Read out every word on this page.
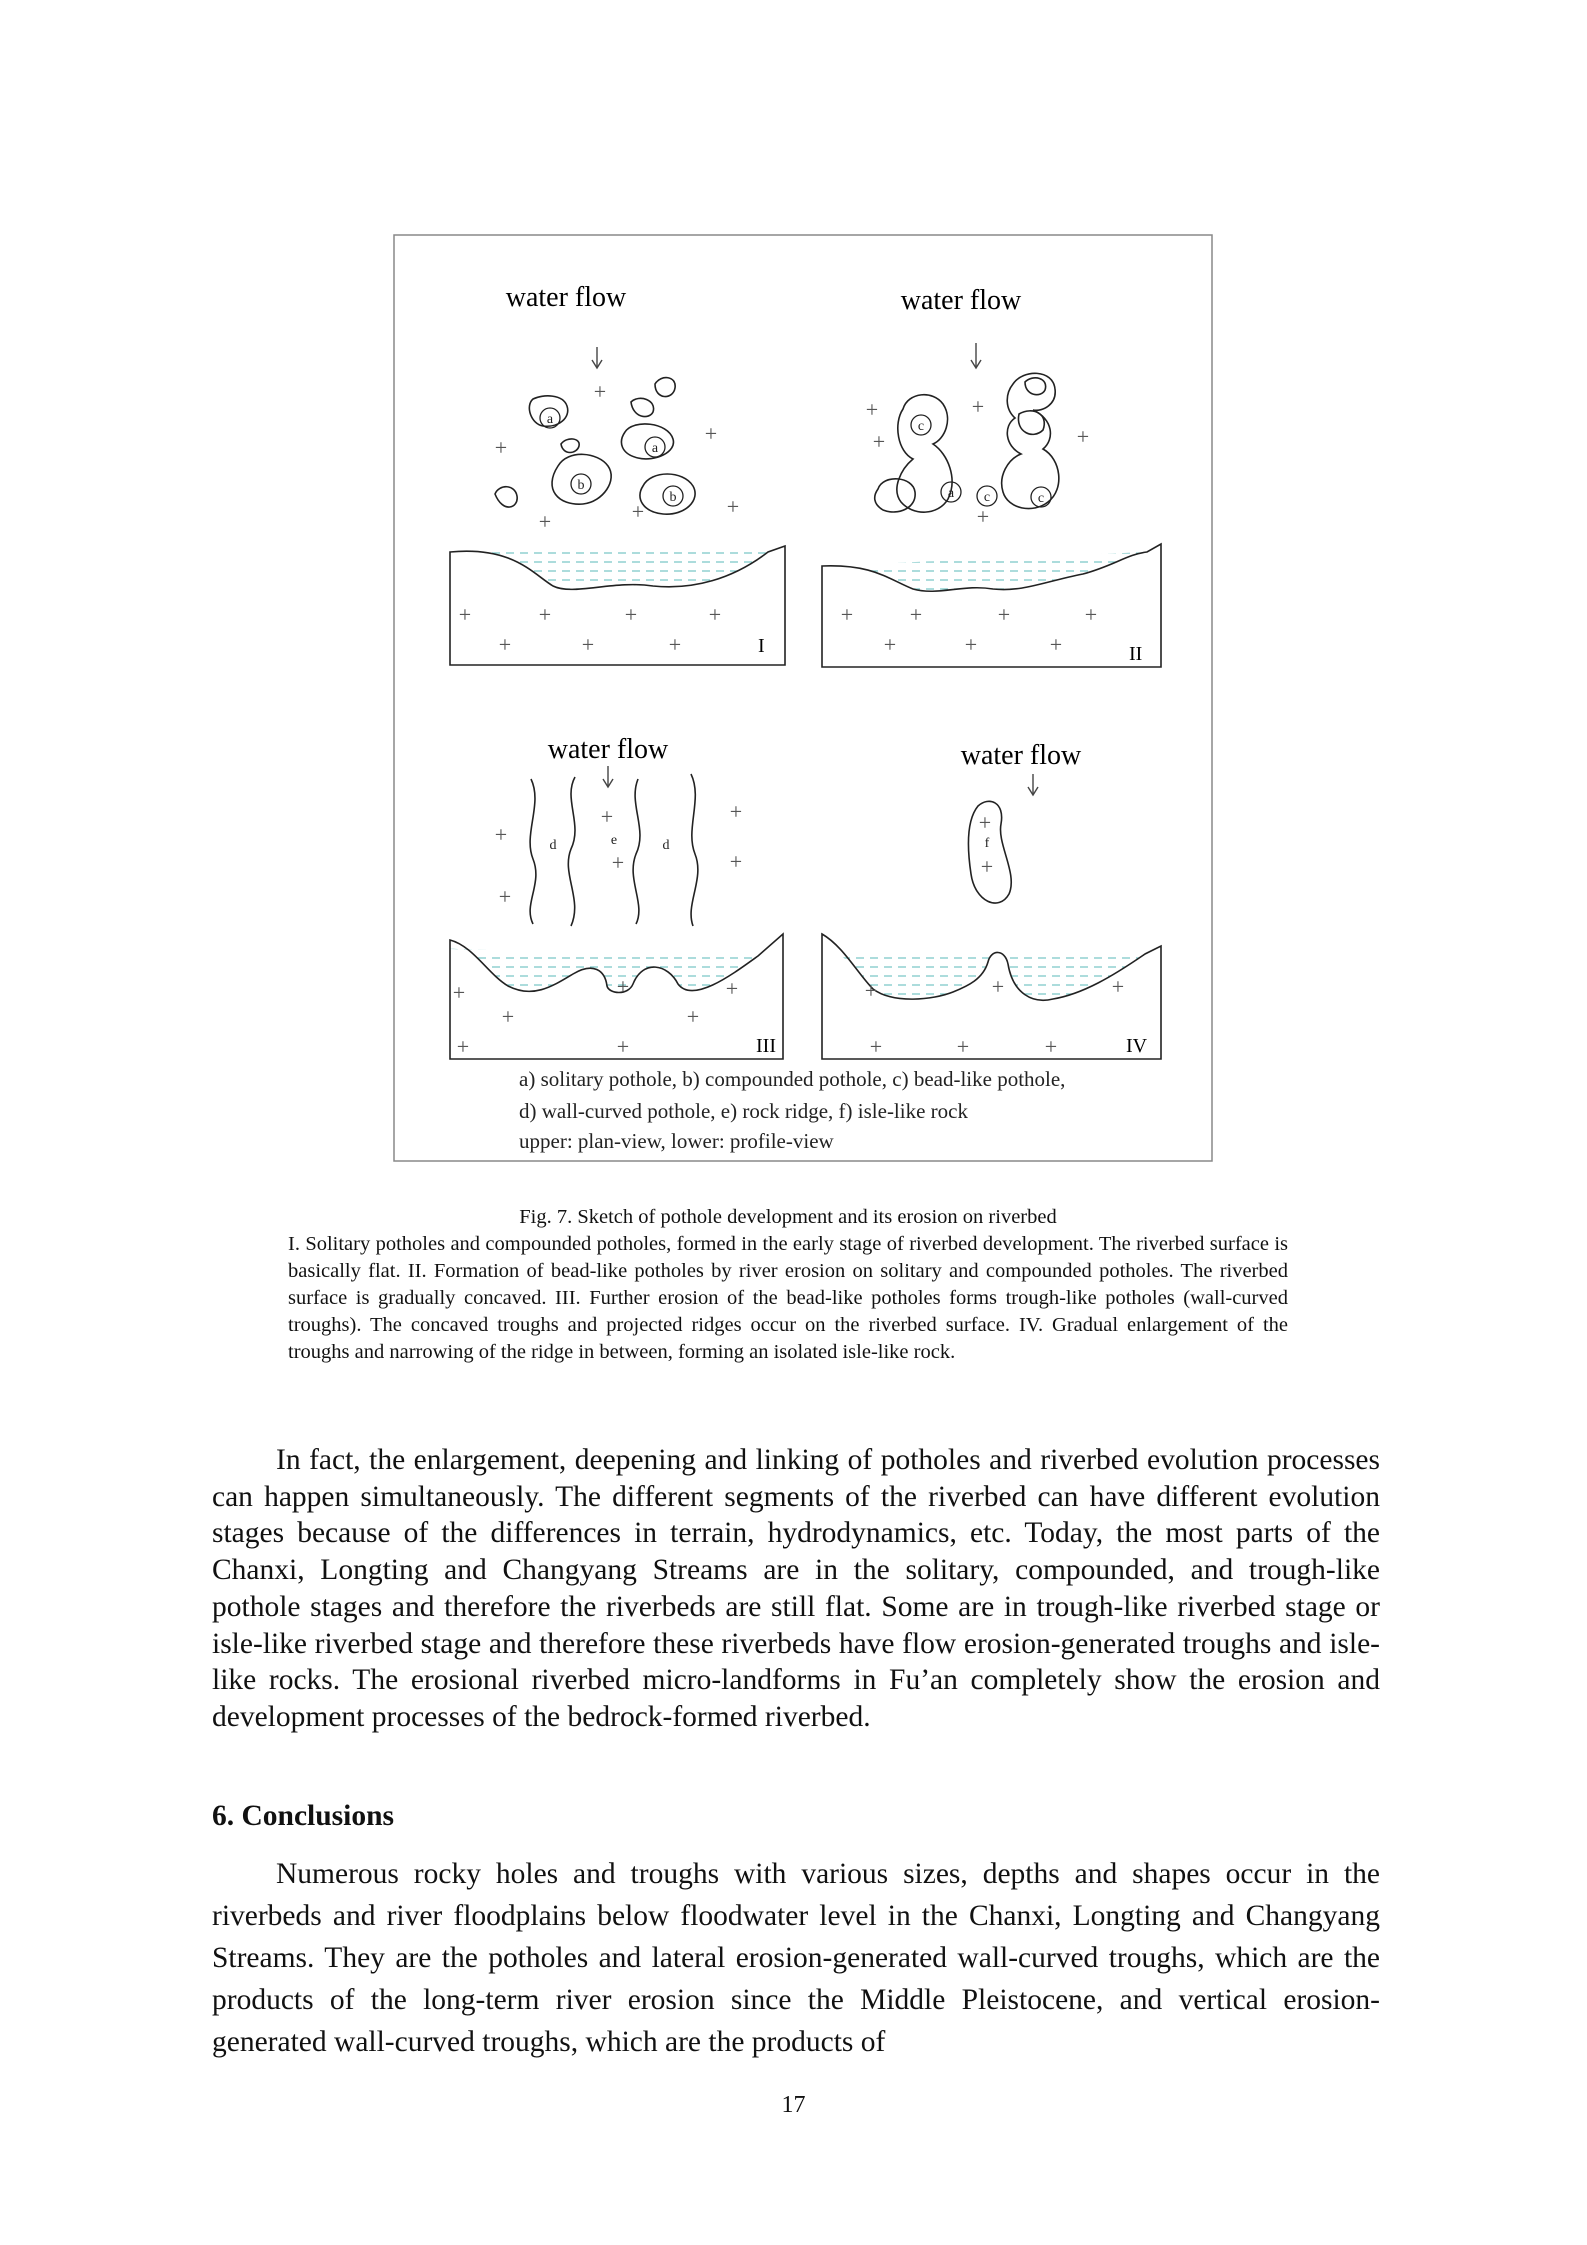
water flow
a
a
b
b
+
+
+
+	+
+
+	+	+	+
+	+	+	I
water flow
c
c	c
a
+
+
+
+
+
+	+	+	+
+	+	+	II
water flow
d	e	d
+
+
+
+
+
+
+	+	+
+	+
+	+	III
water flow
f
+
+
+	+	+
+	+	+	IV
a) solitary pothole, b) compounded pothole, c) bead-like pothole,
d) wall-curved pothole, e) rock ridge, f) isle-like rock
upper: plan-view, lower: profile-view
Fig. 7. Sketch of pothole development and its erosion on riverbed
I. Solitary potholes and compounded potholes, formed in the early stage of riverbed development. The riverbed surface is basically flat. II. Formation of bead-like potholes by river erosion on solitary and compounded potholes. The riverbed surface is gradually concaved. III. Further erosion of the bead-like potholes forms trough-like potholes (wall-curved troughs). The concaved troughs and projected ridges occur on the riverbed surface. IV. Gradual enlargement of the troughs and narrowing of the ridge in between, forming an isolated isle-like rock.
In fact, the enlargement, deepening and linking of potholes and riverbed evolution processes can happen simultaneously. The different segments of the riverbed can have different evolution stages because of the differences in terrain, hydrodynamics, etc. Today, the most parts of the Chanxi, Longting and Changyang Streams are in the solitary, compounded, and trough-like pothole stages and therefore the riverbeds are still flat. Some are in trough-like riverbed stage or isle-like riverbed stage and therefore these riverbeds have flow erosion-generated troughs and isle-like rocks. The erosional riverbed micro-landforms in Fu’an completely show the erosion and development processes of the bedrock-formed riverbed.
6. Conclusions
Numerous rocky holes and troughs with various sizes, depths and shapes occur in the riverbeds and river floodplains below floodwater level in the Chanxi, Longting and Changyang Streams. They are the potholes and lateral erosion-generated wall-curved troughs, which are the products of the long-term river erosion since the Middle Pleistocene, and vertical erosion-generated wall-curved troughs, which are the products of
17
